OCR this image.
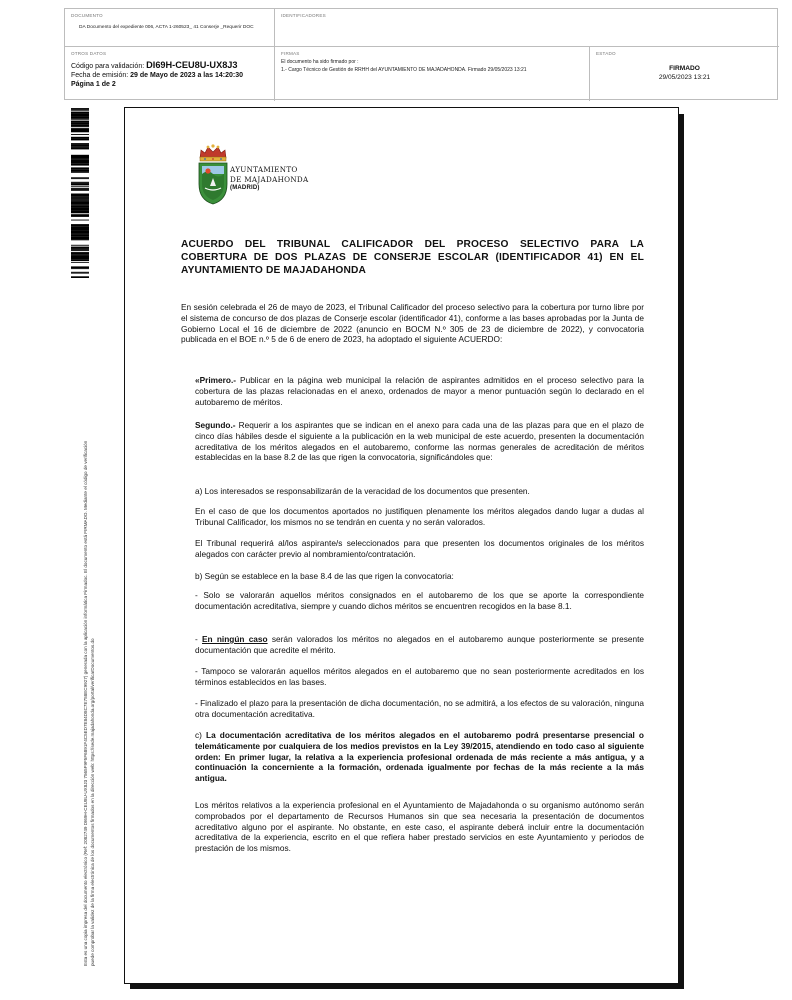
DOCUMENTO
DA Documento del expediente 006, ACTA 1-260523_ 41 Conserje _Requerir DOC
IDENTIFICADORES
OTROS DATOS
Código para validación: DI69H-CEU8U-UX8J3
Fecha de emisión: 29 de Mayo de 2023 a las 14:20:30
Página 1 de 2
FIRMAS
El documento ha sido firmado por :
1.- Cargo Técnico de Gestión de RRHH del AYUNTAMIENTO DE MAJADAHONDA. Firmado 29/05/2023 13:21
ESTADO
FIRMADO
29/05/2023 13:21
Esta es una copia impresa del documento electrónico (Ref: 2082749 DI69H-CEU8U-UX8J3 7565F9F5F6891F4C5ED7E84D8C7E758EC9927) generada con la aplicación informática Firmadoc. El documento está FIRMADO. Mediante el código de verificación puede comprobar la validez de la firma electrónica de los documentos firmados en la dirección web: https://sede.majadahonda.org/portal/verificarDocumentos.do
AYUNTAMIENTO
DE MAJADAHONDA
(MADRID)
ACUERDO DEL TRIBUNAL CALIFICADOR DEL PROCESO SELECTIVO PARA LA COBERTURA DE DOS PLAZAS DE CONSERJE ESCOLAR (IDENTIFICADOR 41) EN EL AYUNTAMIENTO DE MAJADAHONDA
En sesión celebrada el 26 de mayo de 2023, el Tribunal Calificador del proceso selectivo para la cobertura por turno libre por el sistema de concurso de dos plazas de Conserje escolar (identificador 41), conforme a las bases aprobadas por la Junta de Gobierno Local el 16 de diciembre de 2022 (anuncio en BOCM N.º 305 de 23 de diciembre de 2022), y convocatoria publicada en el BOE n.º 5 de 6 de enero de 2023, ha adoptado el siguiente ACUERDO:
«Primero.- Publicar en la página web municipal la relación de aspirantes admitidos en el proceso selectivo para la cobertura de las plazas relacionadas en el anexo, ordenados de mayor a menor puntuación según lo declarado en el autobaremo de méritos.
Segundo.- Requerir a los aspirantes que se indican en el anexo para cada una de las plazas para que en el plazo de cinco días hábiles desde el siguiente a la publicación en la web municipal de este acuerdo, presenten la documentación acreditativa de los méritos alegados en el autobaremo, conforme las normas generales de acreditación de méritos establecidas en la base 8.2 de las que rigen la convocatoria, significándoles que:
a) Los interesados se responsabilizarán de la veracidad de los documentos que presenten.
En el caso de que los documentos aportados no justifiquen plenamente los méritos alegados dando lugar a dudas al Tribunal Calificador, los mismos no se tendrán en cuenta y no serán valorados.
El Tribunal requerirá al/los aspirante/s seleccionados para que presenten los documentos originales de los méritos alegados con carácter previo al nombramiento/contratación.
b) Según se establece en la base 8.4 de las que rigen la convocatoria:
- Solo se valorarán aquellos méritos consignados en el autobaremo de los que se aporte la correspondiente documentación acreditativa, siempre y cuando dichos méritos se encuentren recogidos en la base 8.1.
- En ningún caso serán valorados los méritos no alegados en el autobaremo aunque posteriormente se presente documentación que acredite el mérito.
- Tampoco se valorarán aquellos méritos alegados en el autobaremo que no sean posteriormente acreditados en los términos establecidos en las bases.
- Finalizado el plazo para la presentación de dicha documentación, no se admitirá, a los efectos de su valoración, ninguna otra documentación acreditativa.
c) La documentación acreditativa de los méritos alegados en el autobaremo podrá presentarse presencial o telemáticamente por cualquiera de los medios previstos en la Ley 39/2015, atendiendo en todo caso al siguiente orden: En primer lugar, la relativa a la experiencia profesional ordenada de más reciente a más antigua, y a continuación la concerniente a la formación, ordenada igualmente por fechas de la más reciente a la más antigua.
Los méritos relativos a la experiencia profesional en el Ayuntamiento de Majadahonda o su organismo autónomo serán comprobados por el departamento de Recursos Humanos sin que sea necesaria la presentación de documentos acreditativo alguno por el aspirante. No obstante, en este caso, el aspirante deberá incluir entre la documentación acreditativa de la experiencia, escrito en el que refiera haber prestado servicios en este Ayuntamiento y periodos de prestación de los mismos.
